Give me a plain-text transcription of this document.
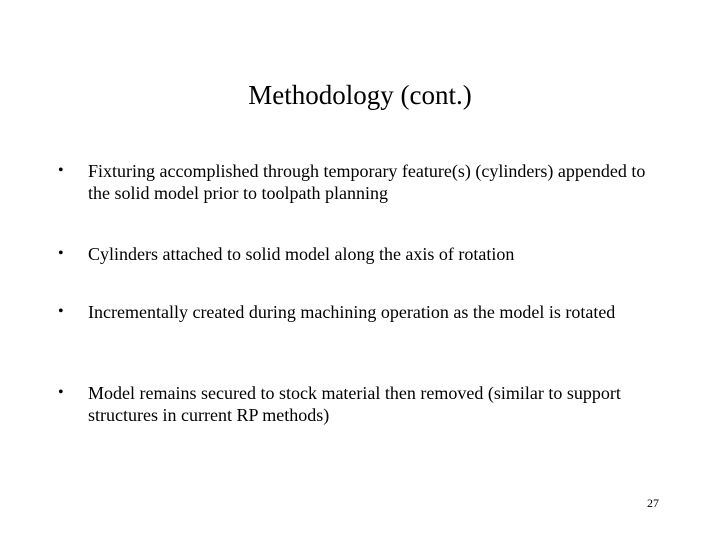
Methodology (cont.)
•	Fixturing accomplished through temporary feature(s) (cylinders) appended to the solid model prior to toolpath planning
•	Cylinders attached to solid model along the axis of rotation
•	Incrementally created during machining operation as the model is rotated
•	Model remains secured to stock material then removed (similar to support structures in current RP methods)
27
